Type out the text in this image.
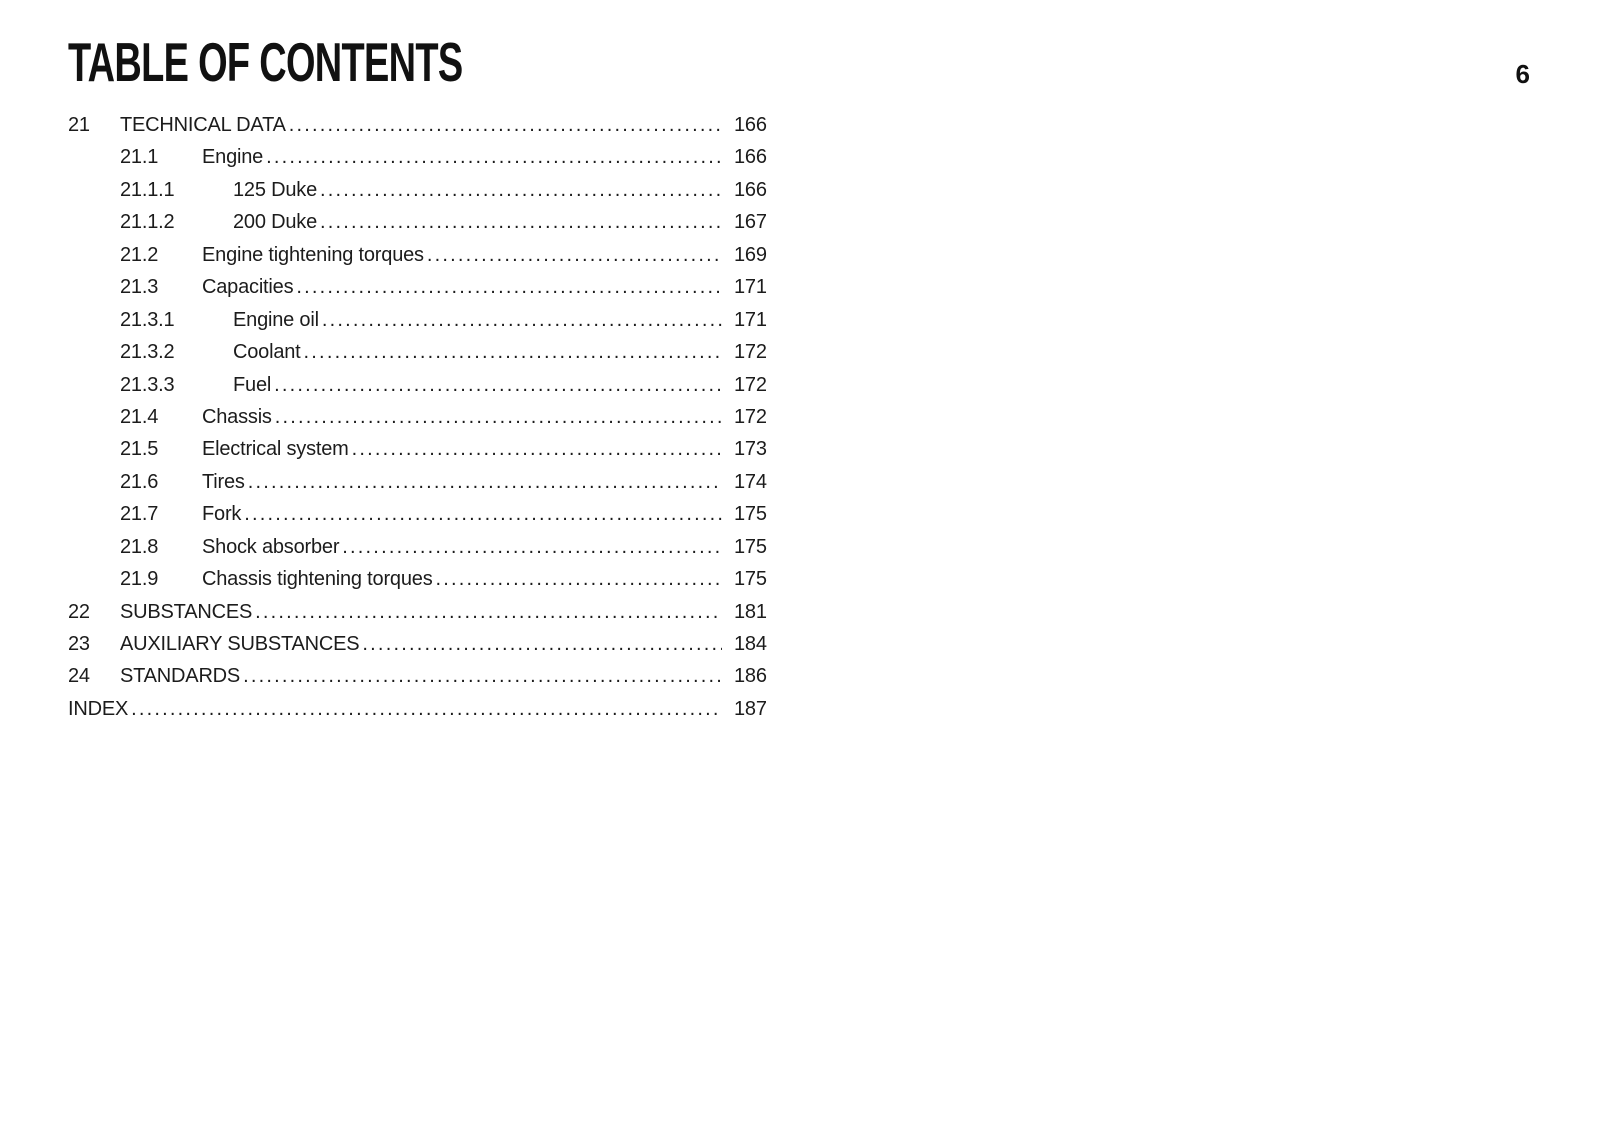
TABLE OF CONTENTS	6
21	TECHNICAL DATA .....	166
21.1	Engine .....	166
21.1.1	125 Duke .....	166
21.1.2	200 Duke .....	167
21.2	Engine tightening torques .....	169
21.3	Capacities .....	171
21.3.1	Engine oil .....	171
21.3.2	Coolant .....	172
21.3.3	Fuel .....	172
21.4	Chassis .....	172
21.5	Electrical system .....	173
21.6	Tires .....	174
21.7	Fork .....	175
21.8	Shock absorber .....	175
21.9	Chassis tightening torques .....	175
22	SUBSTANCES .....	181
23	AUXILIARY SUBSTANCES .....	184
24	STANDARDS .....	186
INDEX .....	187
